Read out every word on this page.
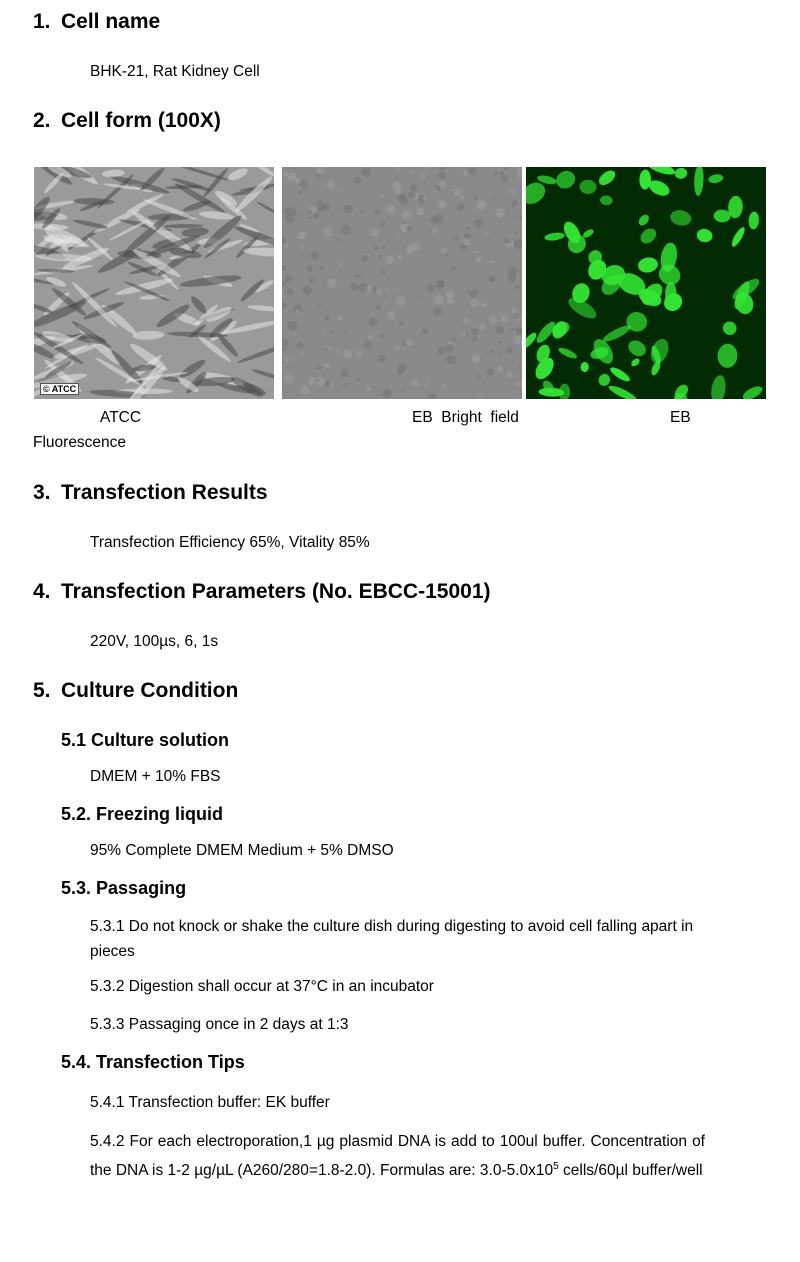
1. Cell name
BHK-21, Rat Kidney Cell
2. Cell form (100X)
© ATCC
ATCC	EB  Bright  field	EB
Fluorescence
3. Transfection Results
Transfection Efficiency 65%, Vitality 85%
4. Transfection Parameters (No. EBCC-15001)
220V, 100µs, 6, 1s
5. Culture Condition
5.1 Culture solution
DMEM + 10% FBS
5.2. Freezing liquid
95% Complete DMEM Medium + 5% DMSO
5.3. Passaging
5.3.1 Do not knock or shake the culture dish during digesting to avoid cell falling apart in pieces
5.3.2 Digestion shall occur at 37°C in an incubator
5.3.3 Passaging once in 2 days at 1:3
5.4. Transfection Tips
5.4.1 Transfection buffer: EK buffer
5.4.2 For each electroporation,1 µg plasmid DNA is add to 100ul buffer. Concentration of the DNA is 1-2 µg/µL (A260/280=1.8-2.0). Formulas are: $3.0-5.0x10^5$ cells/60µl buffer/well
